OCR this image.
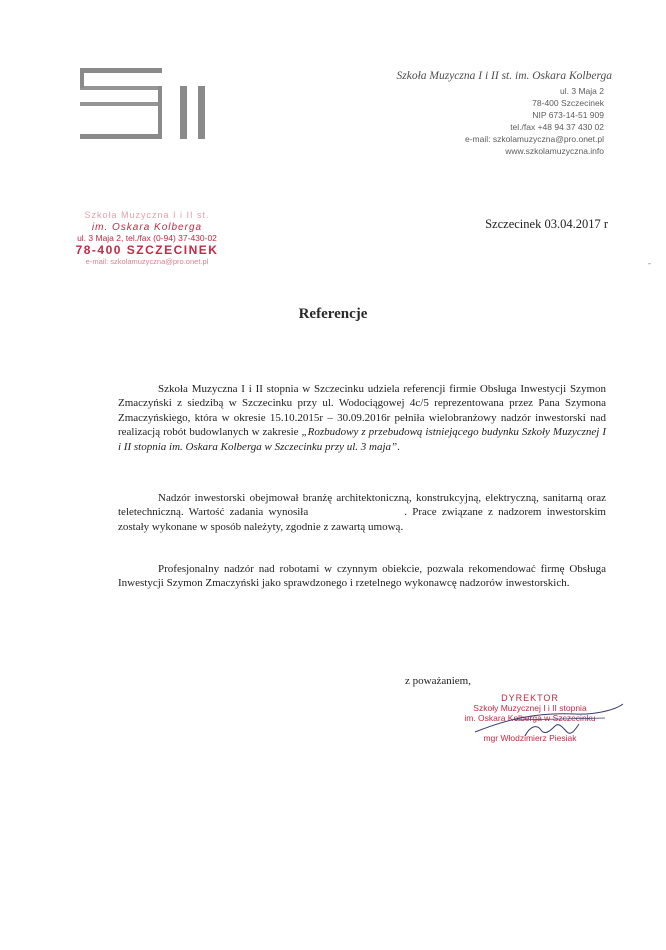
Szkoła Muzyczna I i II st. im. Oskara Kolberga
ul. 3 Maja 2
78-400 Szczecinek
NIP 673-14-51 909
tel./fax +48 94 37 430 02
e-mail: szkolamuzyczna@pro.onet.pl
www.szkolamuzyczna.info
Szkoła Muzyczna I i II st.
im. Oskara Kolberga
ul. 3 Maja 2, tel./fax (0-94) 37-430-02
78-400 SZCZECINEK
e-mail: szkolamuzyczna@pro.onet.pl
Szczecinek 03.04.2017 r
-
Referencje
Szkoła Muzyczna I i II stopnia w Szczecinku udziela referencji firmie Obsługa Inwestycji Szymon Zmaczyński z siedzibą w Szczecinku przy ul. Wodociągowej 4c/5 reprezentowana przez Pana Szymona Zmaczyńskiego, która w okresie 15.10.2015r – 30.09.2016r pełniła wielobranżowy nadzór inwestorski nad realizacją robót budowlanych w zakresie „Rozbudowy z przebudową istniejącego budynku Szkoły Muzycznej I i II stopnia im. Oskara Kolberga w Szczecinku przy ul. 3 maja”.
Nadzór inwestorski obejmował branżę architektoniczną, konstrukcyjną, elektryczną, sanitarną oraz teletechniczną. Wartość zadania wynosiła	. Prace związane z nadzorem inwestorskim zostały wykonane w sposób należyty, zgodnie z zawartą umową.
Profesjonalny nadzór nad robotami w czynnym obiekcie, pozwala rekomendować firmę Obsługa Inwestycji Szymon Zmaczyński jako sprawdzonego i rzetelnego wykonawcę nadzorów inwestorskich.
z poważaniem,
DYREKTOR
Szkoły Muzycznej I i II stopnia
im. Oskara Kolberga w Szczecinku
mgr Włodzimierz Piesiak
